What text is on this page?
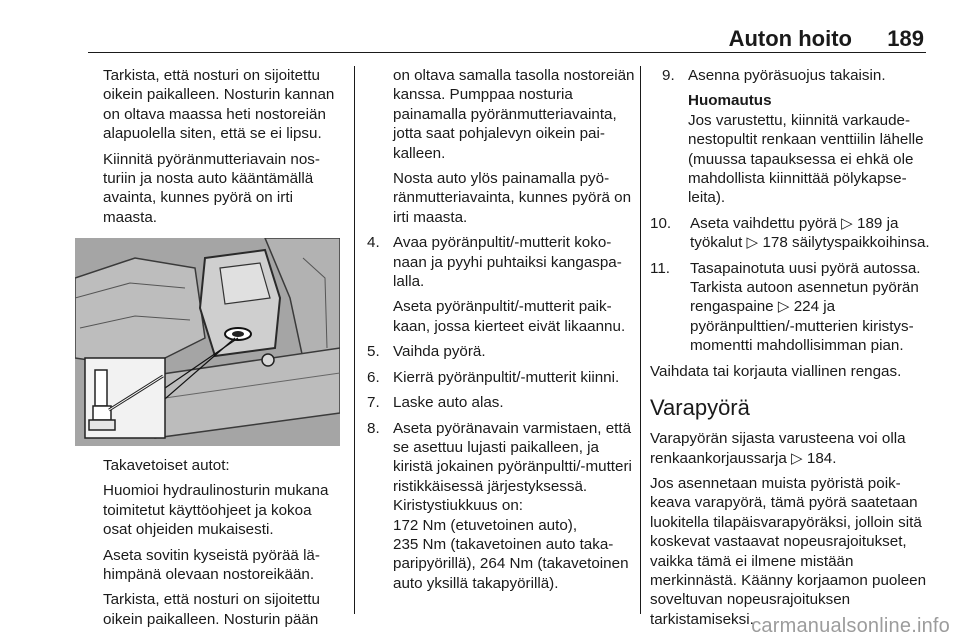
Auton hoito 189

Tarkista, että nosturi on sijoitettu oikein paikalleen. Nosturin kannan on oltava maassa heti nostoreiän alapuolella siten, että se ei lipsu.

Kiinnitä pyöränmutteriavain nosturiin ja nosta auto kääntämällä avainta, kunnes pyörä on irti maasta.

Takavetoiset autot:

Huomioi hydraulinosturin mukana toimitetut käyttöohjeet ja kokoa osat ohjeiden mukaisesti.

Aseta sovitin kyseistä pyörää lähimpänä olevaan nostoreikään.

Tarkista, että nosturi on sijoitettu oikein paikalleen. Nosturin pään

on oltava samalla tasolla nostoreiän kanssa. Pumppaa nosturia painamalla pyöränmutteriavainta, jotta saat pohjalevyn oikein paikalleen.

Nosta auto ylös painamalla pyöränmutteriavainta, kunnes pyörä on irti maasta.

4. Avaa pyöränpultit/-mutterit kokonaan ja pyyhi puhtaiksi kangaspalalla.

Aseta pyöränpultit/-mutterit paikkaan, jossa kierteet eivät likaannu.

5. Vaihda pyörä.
6. Kierrä pyöränpultit/-mutterit kiinni.
7. Laske auto alas.
8. Aseta pyöränavain varmistaen, että se asettuu lujasti paikalleen, ja kiristä jokainen pyöränpultti/-mutteri ristikkäisessä järjestyksessä. Kiristystiukkuus on:
172 Nm (etuvetoinen auto),
235 Nm (takavetoinen auto takaparipyörillä), 264 Nm (takavetoinen auto yksillä takapyörillä).
9. Asenna pyöräsuojus takaisin.
Huomautus
Jos varustettu, kiinnitä varkaudenestopultit renkaan venttiilin lähelle (muussa tapauksessa ei ehkä ole mahdollista kiinnittää pölykapseleita).
10. Aseta vaihdettu pyörä ▷ 189 ja työkalut ▷ 178 säilytyspaikkoihinsa.
11. Tasapainotuta uusi pyörä autossa. Tarkista autoon asennetun pyörän rengaspaine ▷ 224 ja pyöränpulttien/-mutterien kiristysmomentti mahdollisimman pian.

Vaihdata tai korjauta viallinen rengas.

Varapyörä

Varapyörän sijasta varusteena voi olla renkaankorjaussarja ▷ 184.

Jos asennetaan muista pyöristä poikkeava varapyörä, tämä pyörä saatetaan luokitella tilapäisvarapyöräksi, jolloin sitä koskevat vastaavat nopeusrajoitukset, vaikka tämä ei ilmene mistään merkinnästä. Käänny korjaamon puoleen soveltuvan nopeusrajoituksen tarkistamiseksi.

carmanualsonline.info
